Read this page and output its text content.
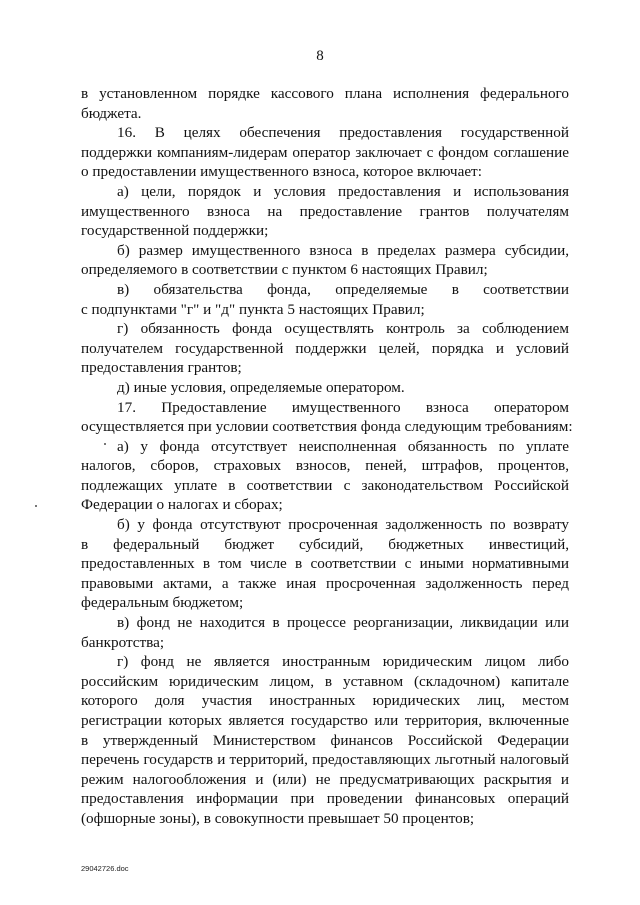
8
в установленном порядке кассового плана исполнения федерального
бюджета.
16. В целях обеспечения предоставления государственной
поддержки компаниям-лидерам оператор заключает с фондом соглашение
о предоставлении имущественного взноса, которое включает:
а) цели, порядок и условия предоставления и использования
имущественного взноса на предоставление грантов получателям
государственной поддержки;
б) размер имущественного взноса в пределах размера субсидии,
определяемого в соответствии с пунктом 6 настоящих Правил;
в) обязательства фонда, определяемые в соответствии
с подпунктами "г" и "д" пункта 5 настоящих Правил;
г) обязанность фонда осуществлять контроль за соблюдением
получателем государственной поддержки целей, порядка и условий
предоставления грантов;
д) иные условия, определяемые оператором.
17. Предоставление имущественного взноса оператором
осуществляется при условии соответствия фонда следующим требованиям:
а) у фонда отсутствует неисполненная обязанность по уплате
налогов, сборов, страховых взносов, пеней, штрафов, процентов,
подлежащих уплате в соответствии с законодательством Российской
Федерации о налогах и сборах;
б) у фонда отсутствуют просроченная задолженность по возврату
в федеральный бюджет субсидий, бюджетных инвестиций,
предоставленных в том числе в соответствии с иными нормативными
правовыми актами, а также иная просроченная задолженность перед
федеральным бюджетом;
в) фонд не находится в процессе реорганизации, ликвидации или
банкротства;
г) фонд не является иностранным юридическим лицом либо
российским юридическим лицом, в уставном (складочном) капитале
которого доля участия иностранных юридических лиц, местом
регистрации которых является государство или территория, включенные
в утвержденный Министерством финансов Российской Федерации
перечень государств и территорий, предоставляющих льготный налоговый
режим налогообложения и (или) не предусматривающих раскрытия и
предоставления информации при проведении финансовых операций
(офшорные зоны), в совокупности превышает 50 процентов;
29042726.doc
